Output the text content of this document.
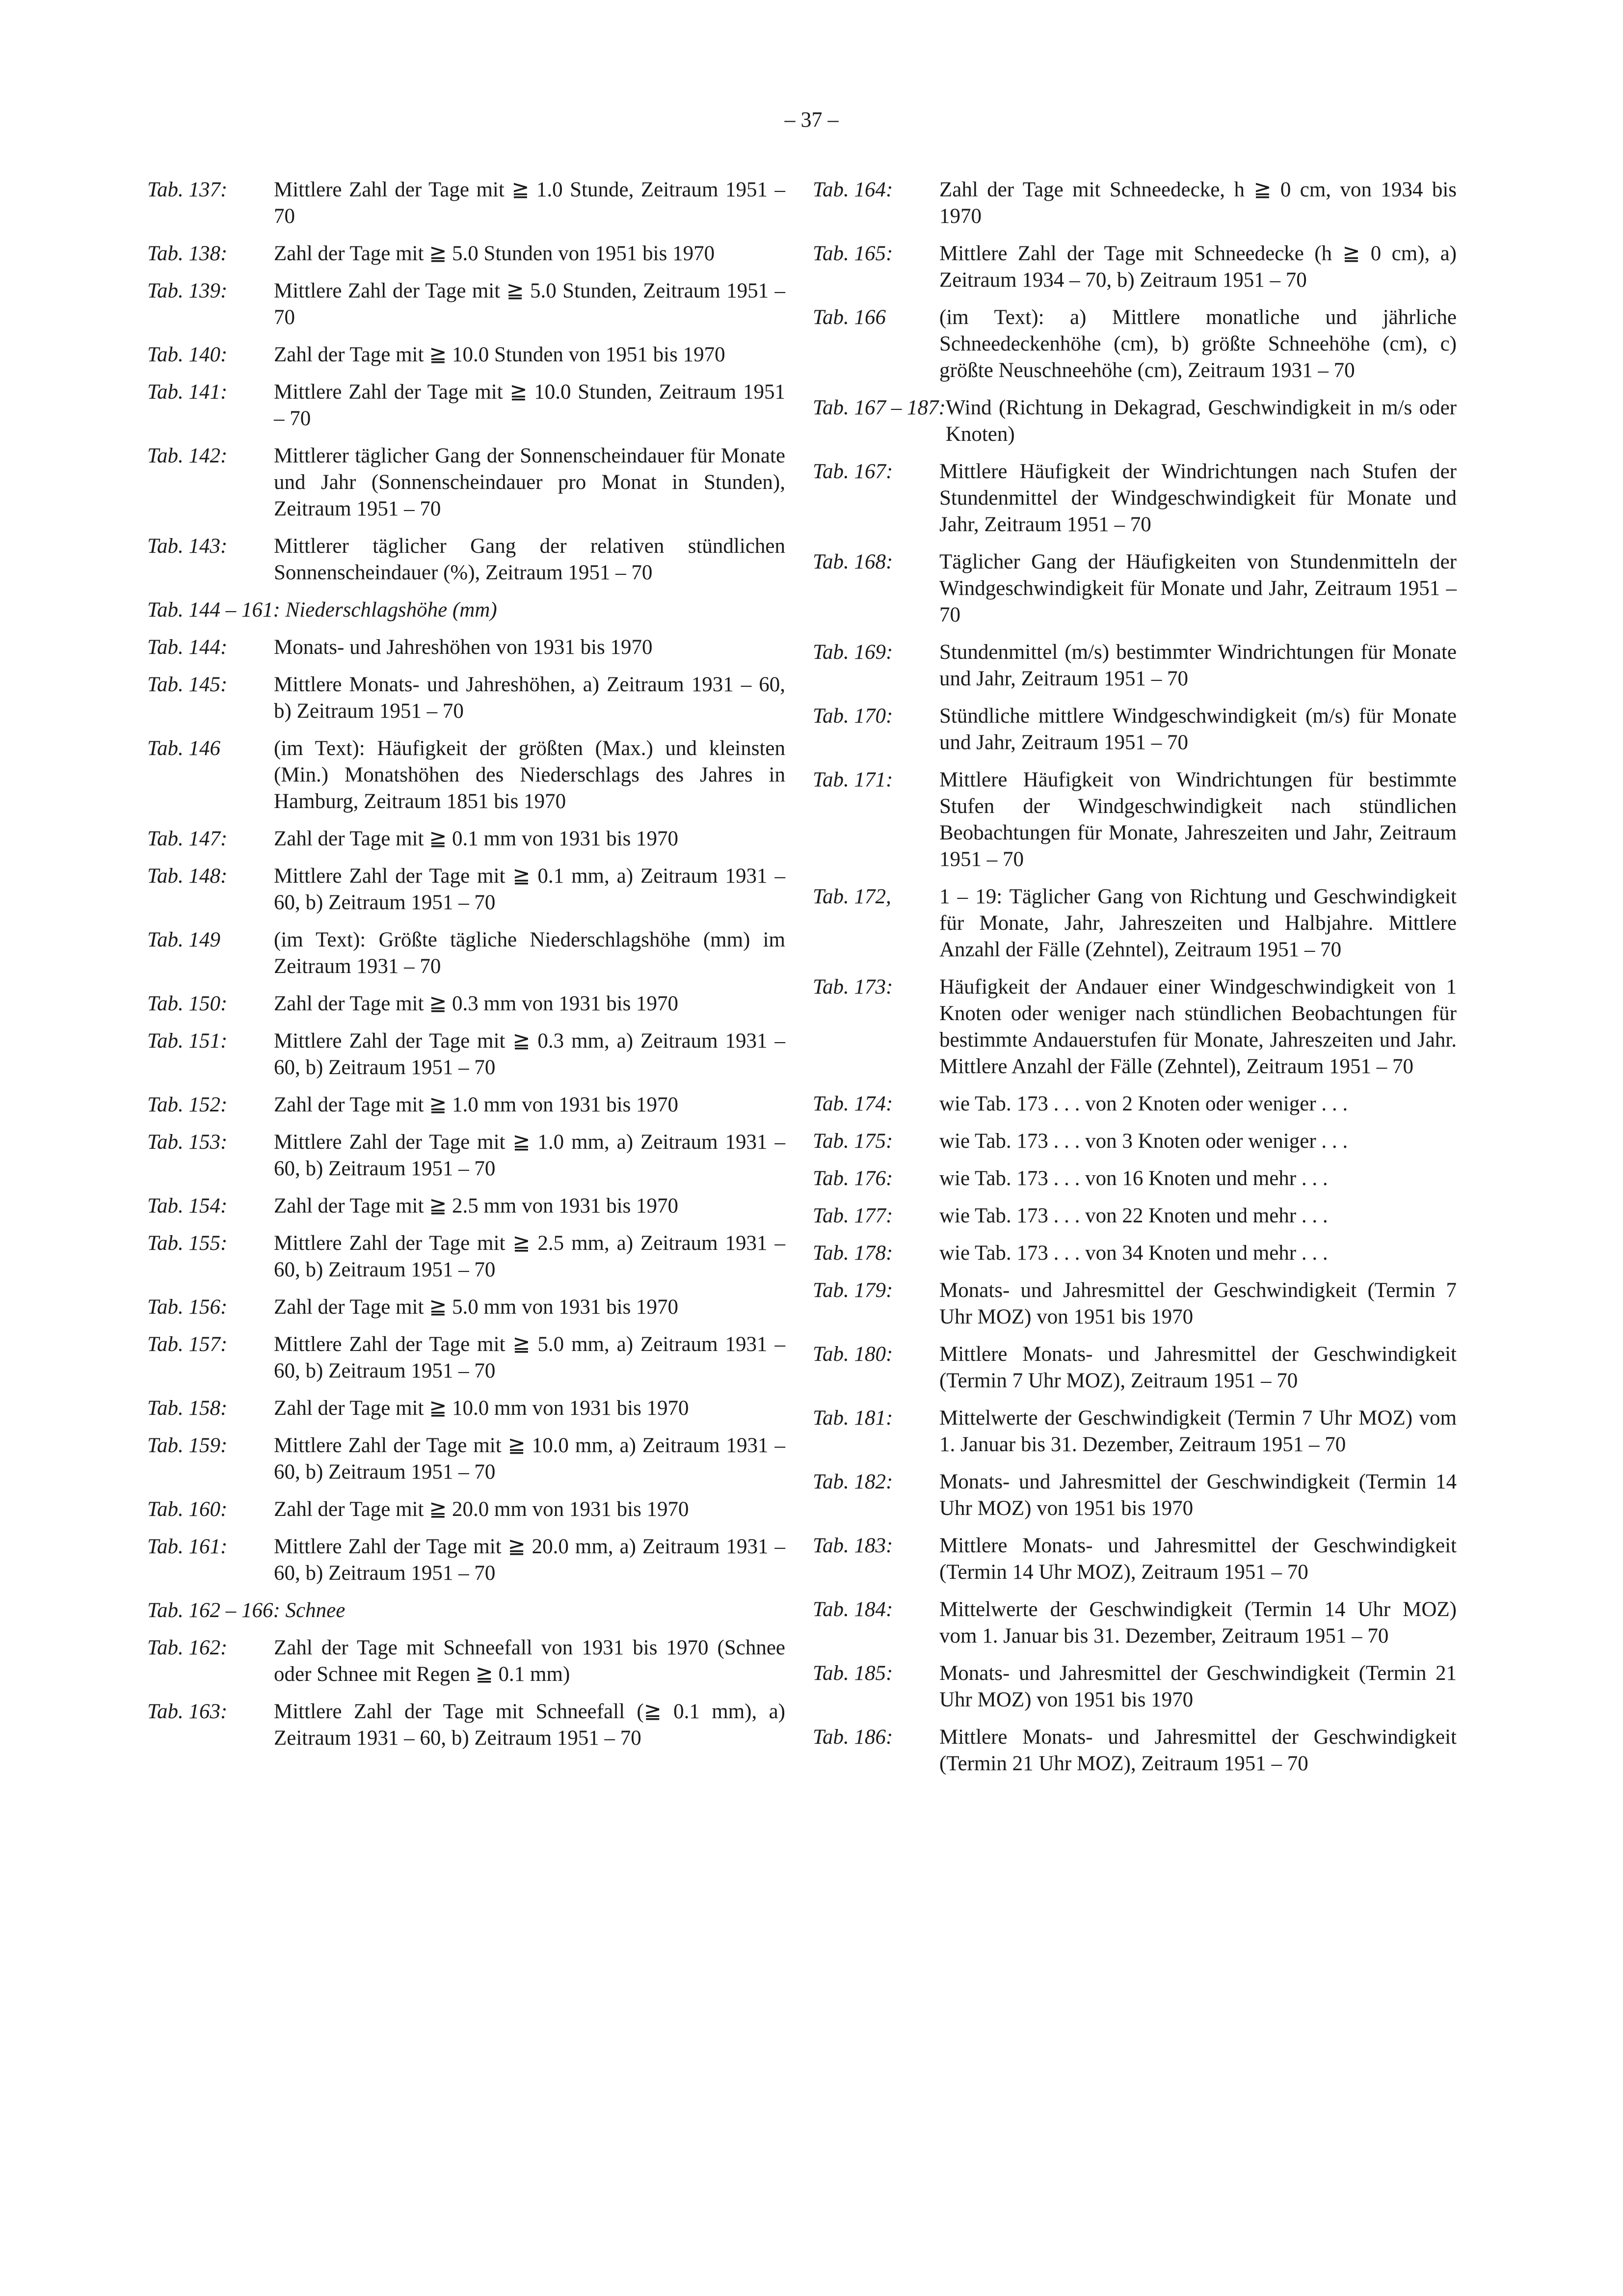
– 37 –
Tab. 137:	Mittlere Zahl der Tage mit ≧ 1.0 Stunde, Zeitraum 1951 – 70
Tab. 138:	Zahl der Tage mit ≧ 5.0 Stunden von 1951 bis 1970
Tab. 139:	Mittlere Zahl der Tage mit ≧ 5.0 Stunden, Zeitraum 1951 – 70
Tab. 140:	Zahl der Tage mit ≧ 10.0 Stunden von 1951 bis 1970
Tab. 141:	Mittlere Zahl der Tage mit ≧ 10.0 Stunden, Zeitraum 1951 – 70
Tab. 142:	Mittlerer täglicher Gang der Sonnenscheindauer für Monate und Jahr (Sonnenscheindauer pro Monat in Stunden), Zeitraum 1951 – 70
Tab. 143:	Mittlerer täglicher Gang der relativen stündlichen Sonnenscheindauer (%), Zeitraum 1951 – 70
Tab. 144 – 161: Niederschlagshöhe (mm)
Tab. 144:	Monats- und Jahreshöhen von 1931 bis 1970
Tab. 145:	Mittlere Monats- und Jahreshöhen, a) Zeitraum 1931 – 60, b) Zeitraum 1951 – 70
Tab. 146	(im Text): Häufigkeit der größten (Max.) und kleinsten (Min.) Monatshöhen des Niederschlags des Jahres in Hamburg, Zeitraum 1851 bis 1970
Tab. 147:	Zahl der Tage mit ≧ 0.1 mm von 1931 bis 1970
Tab. 148:	Mittlere Zahl der Tage mit ≧ 0.1 mm, a) Zeitraum 1931 – 60, b) Zeitraum 1951 – 70
Tab. 149	(im Text): Größte tägliche Niederschlagshöhe (mm) im Zeitraum 1931 – 70
Tab. 150:	Zahl der Tage mit ≧ 0.3 mm von 1931 bis 1970
Tab. 151:	Mittlere Zahl der Tage mit ≧ 0.3 mm, a) Zeitraum 1931 – 60, b) Zeitraum 1951 – 70
Tab. 152:	Zahl der Tage mit ≧ 1.0 mm von 1931 bis 1970
Tab. 153:	Mittlere Zahl der Tage mit ≧ 1.0 mm, a) Zeitraum 1931 – 60, b) Zeitraum 1951 – 70
Tab. 154:	Zahl der Tage mit ≧ 2.5 mm von 1931 bis 1970
Tab. 155:	Mittlere Zahl der Tage mit ≧ 2.5 mm, a) Zeitraum 1931 – 60, b) Zeitraum 1951 – 70
Tab. 156:	Zahl der Tage mit ≧ 5.0 mm von 1931 bis 1970
Tab. 157:	Mittlere Zahl der Tage mit ≧ 5.0 mm, a) Zeitraum 1931 – 60, b) Zeitraum 1951 – 70
Tab. 158:	Zahl der Tage mit ≧ 10.0 mm von 1931 bis 1970
Tab. 159:	Mittlere Zahl der Tage mit ≧ 10.0 mm, a) Zeitraum 1931 – 60, b) Zeitraum 1951 – 70
Tab. 160:	Zahl der Tage mit ≧ 20.0 mm von 1931 bis 1970
Tab. 161:	Mittlere Zahl der Tage mit ≧ 20.0 mm, a) Zeitraum 1931 – 60, b) Zeitraum 1951 – 70
Tab. 162 – 166: Schnee
Tab. 162:	Zahl der Tage mit Schneefall von 1931 bis 1970 (Schnee oder Schnee mit Regen ≧ 0.1 mm)
Tab. 163:	Mittlere Zahl der Tage mit Schneefall (≧ 0.1 mm), a) Zeitraum 1931 – 60, b) Zeitraum 1951 – 70
Tab. 164:	Zahl der Tage mit Schneedecke, h ≧ 0 cm, von 1934 bis 1970
Tab. 165:	Mittlere Zahl der Tage mit Schneedecke (h ≧ 0 cm), a) Zeitraum 1934 – 70, b) Zeitraum 1951 – 70
Tab. 166	(im Text): a) Mittlere monatliche und jährliche Schneedeckenhöhe (cm), b) größte Schneehöhe (cm), c) größte Neuschneehöhe (cm), Zeitraum 1931 – 70
Tab. 167 – 187: Wind (Richtung in Dekagrad, Geschwindigkeit in m/s oder Knoten)
Tab. 167:	Mittlere Häufigkeit der Windrichtungen nach Stufen der Stundenmittel der Windgeschwindigkeit für Monate und Jahr, Zeitraum 1951 – 70
Tab. 168:	Täglicher Gang der Häufigkeiten von Stundenmitteln der Windgeschwindigkeit für Monate und Jahr, Zeitraum 1951 – 70
Tab. 169:	Stundenmittel (m/s) bestimmter Windrichtungen für Monate und Jahr, Zeitraum 1951 – 70
Tab. 170:	Stündliche mittlere Windgeschwindigkeit (m/s) für Monate und Jahr, Zeitraum 1951 – 70
Tab. 171:	Mittlere Häufigkeit von Windrichtungen für bestimmte Stufen der Windgeschwindigkeit nach stündlichen Beobachtungen für Monate, Jahreszeiten und Jahr, Zeitraum 1951 – 70
Tab. 172,	1 – 19: Täglicher Gang von Richtung und Geschwindigkeit für Monate, Jahr, Jahreszeiten und Halbjahre. Mittlere Anzahl der Fälle (Zehntel), Zeitraum 1951 – 70
Tab. 173:	Häufigkeit der Andauer einer Windgeschwindigkeit von 1 Knoten oder weniger nach stündlichen Beobachtungen für bestimmte Andauerstufen für Monate, Jahreszeiten und Jahr. Mittlere Anzahl der Fälle (Zehntel), Zeitraum 1951 – 70
Tab. 174:	wie Tab. 173 . . . von 2 Knoten oder weniger . . .
Tab. 175:	wie Tab. 173 . . . von 3 Knoten oder weniger . . .
Tab. 176:	wie Tab. 173 . . . von 16 Knoten und mehr . . .
Tab. 177:	wie Tab. 173 . . . von 22 Knoten und mehr . . .
Tab. 178:	wie Tab. 173 . . . von 34 Knoten und mehr . . .
Tab. 179:	Monats- und Jahresmittel der Geschwindigkeit (Termin 7 Uhr MOZ) von 1951 bis 1970
Tab. 180:	Mittlere Monats- und Jahresmittel der Geschwindigkeit (Termin 7 Uhr MOZ), Zeitraum 1951 – 70
Tab. 181:	Mittelwerte der Geschwindigkeit (Termin 7 Uhr MOZ) vom 1. Januar bis 31. Dezember, Zeitraum 1951 – 70
Tab. 182:	Monats- und Jahresmittel der Geschwindigkeit (Termin 14 Uhr MOZ) von 1951 bis 1970
Tab. 183:	Mittlere Monats- und Jahresmittel der Geschwindigkeit (Termin 14 Uhr MOZ), Zeitraum 1951 – 70
Tab. 184:	Mittelwerte der Geschwindigkeit (Termin 14 Uhr MOZ) vom 1. Januar bis 31. Dezember, Zeitraum 1951 – 70
Tab. 185:	Monats- und Jahresmittel der Geschwindigkeit (Termin 21 Uhr MOZ) von 1951 bis 1970
Tab. 186:	Mittlere Monats- und Jahresmittel der Geschwindigkeit (Termin 21 Uhr MOZ), Zeitraum 1951 – 70
